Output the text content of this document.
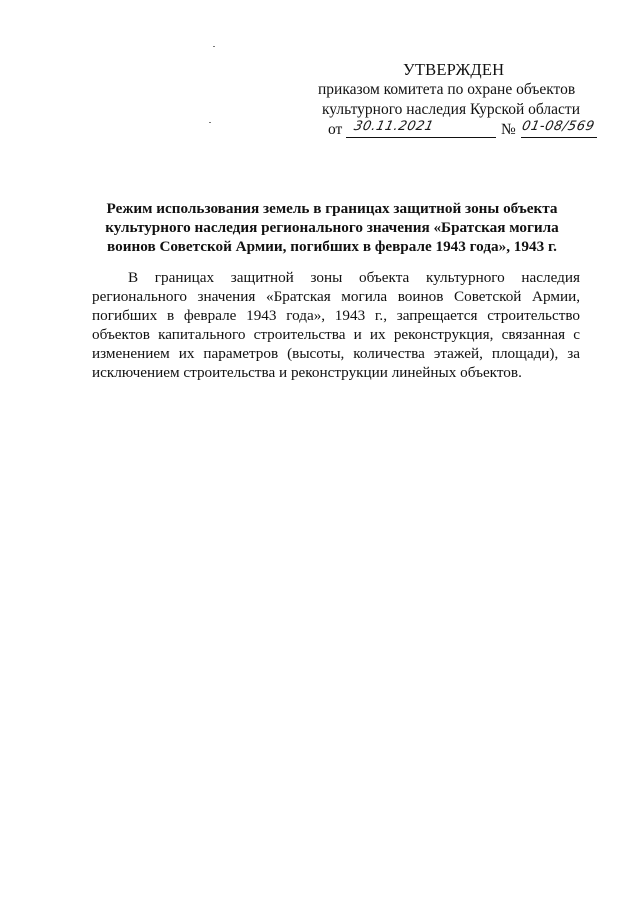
УТВЕРЖДЕН
приказом комитета по охране объектов
культурного наследия Курской области
от 30.11.2021	№ 01-08/569
Режим использования земель в границах защитной зоны объекта
культурного наследия регионального значения «Братская могила
воинов Советской Армии, погибших в феврале 1943 года», 1943 г.
В границах защитной зоны объекта культурного наследия
регионального значения «Братская могила воинов Советской Армии,
погибших в феврале 1943 года», 1943 г., запрещается строительство
объектов капитального строительства и их реконструкция, связанная с
изменением их параметров (высоты, количества этажей, площади), за
исключением строительства и реконструкции линейных объектов.
